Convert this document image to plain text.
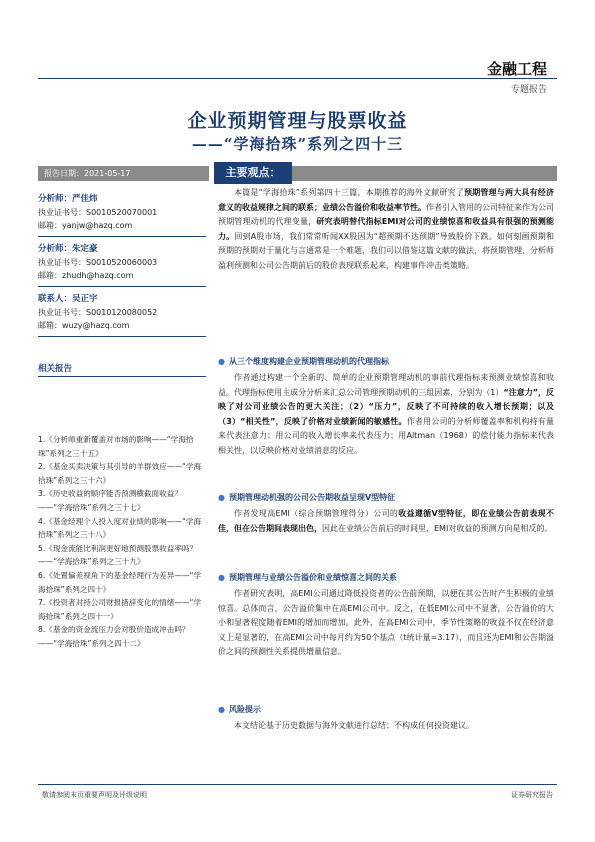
金融工程
专题报告
企业预期管理与股票收益
——“学海拾珠”系列之四十三
报告日期：2021-05-17	主要观点：
分析师：严佳炜
执业证书号：S0010520070001
邮箱：yanjw@hazq.com
分析师：朱定豪
执业证书号：S0010520060003
邮箱：zhudh@hazq.com
联系人：吴正宇
执业证书号：S0010120080052
邮箱：wuzy@hazq.com
相关报告
1.《分析师重新覆盖对市场的影响——“学海拾珠”系列之三十五》
2.《基金买卖决策与其引导的羊群效应——“学海拾珠”系列之三十六》
3.《历史收益的顺序能否预测横截面收益？——“学海拾珠”系列之三十七》
4.《基金经理个人投入度对业绩的影响——“学海拾珠”系列之三十八》
5.《现金流能比利润更好地预测股票收益率吗？——“学海拾珠”系列之三十九》
6.《处置偏差视角下的基金经理行为差异——“学海拾珠”系列之四十》
7.《投资者对持公司财报措辞变化的情绪——“学海拾珠”系列之四十一》
8.《基金的资金流压力会对股价造成冲击吗？——“学海拾珠”系列之四十二》

本篇是“学海拾珠”系列第四十三篇，本期推荐的海外文献研究了预期管理与两大具有经济意义的收益规律之间的联系；业绩公告溢价和收益率节性。作者引入管用的公司特征来作为公司预期管理动机的代理变量，研究表明替代指标EMI对公司的业绩惊喜和收益具有很强的预测能力。回到A股市场，我们常常听闻XX股因为“超预期不达预期”导致股价下跌。如何刻画预期和预期的预期对于量化与言通常是一个难题，我们可以借鉴这篇文献的做法，将预期管理、分析师盈利预测和公司公告期前后的股价表现联系起来，构建事件冲击类策略。

● 从三个维度构建企业预期管理动机的代理指标

作者通过构建一个全新的、简单的企业预期管理动机的事前代理指标来预测业绩惊喜和收益。代理指标使用主成分分析来汇总公司管理预期动机的三组因素，分别为（1）“注意力”，反映了对公司业绩公告的更大关注；（2）“压力”，反映了不可持续的收入增长预期；以及（3）“相关性”，反映了价格对业绩新闻的敏感性。作者用公司的分析师覆盖率和机构持有量来代表注意力；用公司的收入增长率来代表压力；用Altman（1968）的偿付能力指标来代表相关性，以反映价格对业绩消息的反应。

● 预期管理动机强的公司公告期收益呈现V型特征

作者发现高EMI（综合预期管理得分）公司的收益遵循V型特征，即在业绩公告前表现不佳，但在公告期间表现出色，因此在业绩公告前后的时间里，EMI对收益的预测方向是相反的。

● 预期管理与业绩公告溢价和业绩惊喜之间的关系

作者研究表明，高EMI公司通过降低投资者的公告前预期，以便在其公告时产生积极的业绩惊喜。总体而言，公告溢价集中在高EMI公司中。反之，在低EMI公司中不显著，公告溢价的大小和显著程度随着EMI的增加而增加。此外，在高EMI公司中，季节性策略的收益不仅在经济意义上是显著的，在高EMI公司中每月约为50个基点（t统计量=3.17），而且还为EMI和公告期溢价之间的预测性关系提供增量信息。

● 风险提示

本文结论基于历史数据与海外文献进行总结；不构成任何投资建议。

敬请参阅末页重要声明及评级说明	证券研究报告
